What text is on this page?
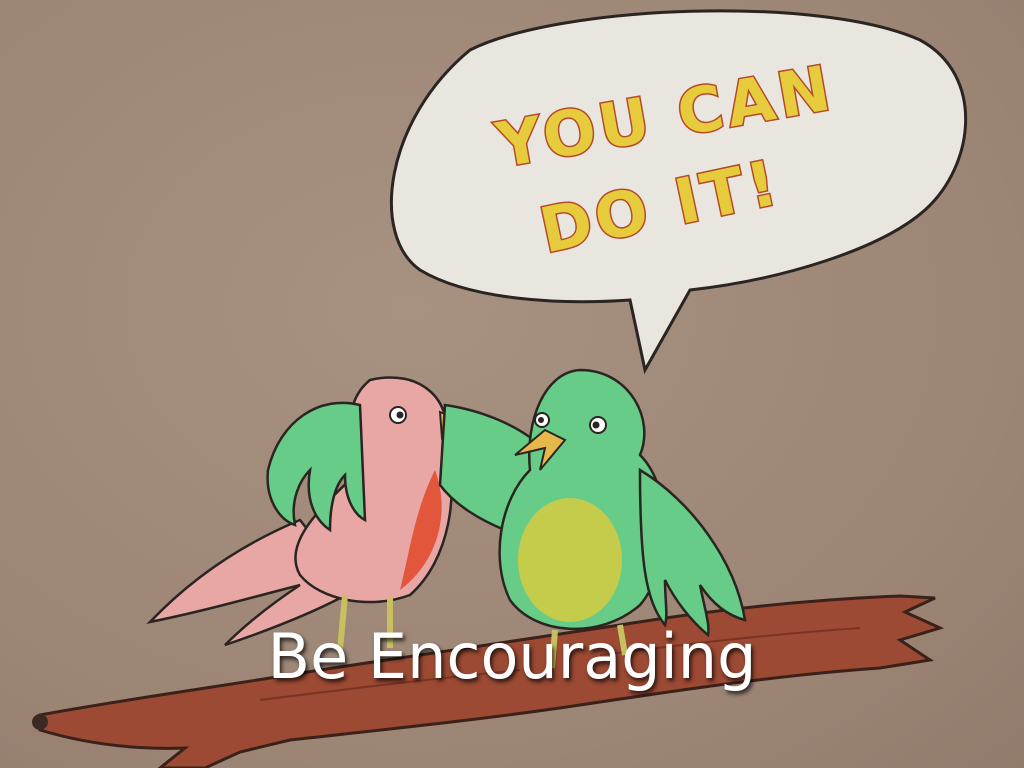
YOU CAN
DO IT!

Be Encouraging
